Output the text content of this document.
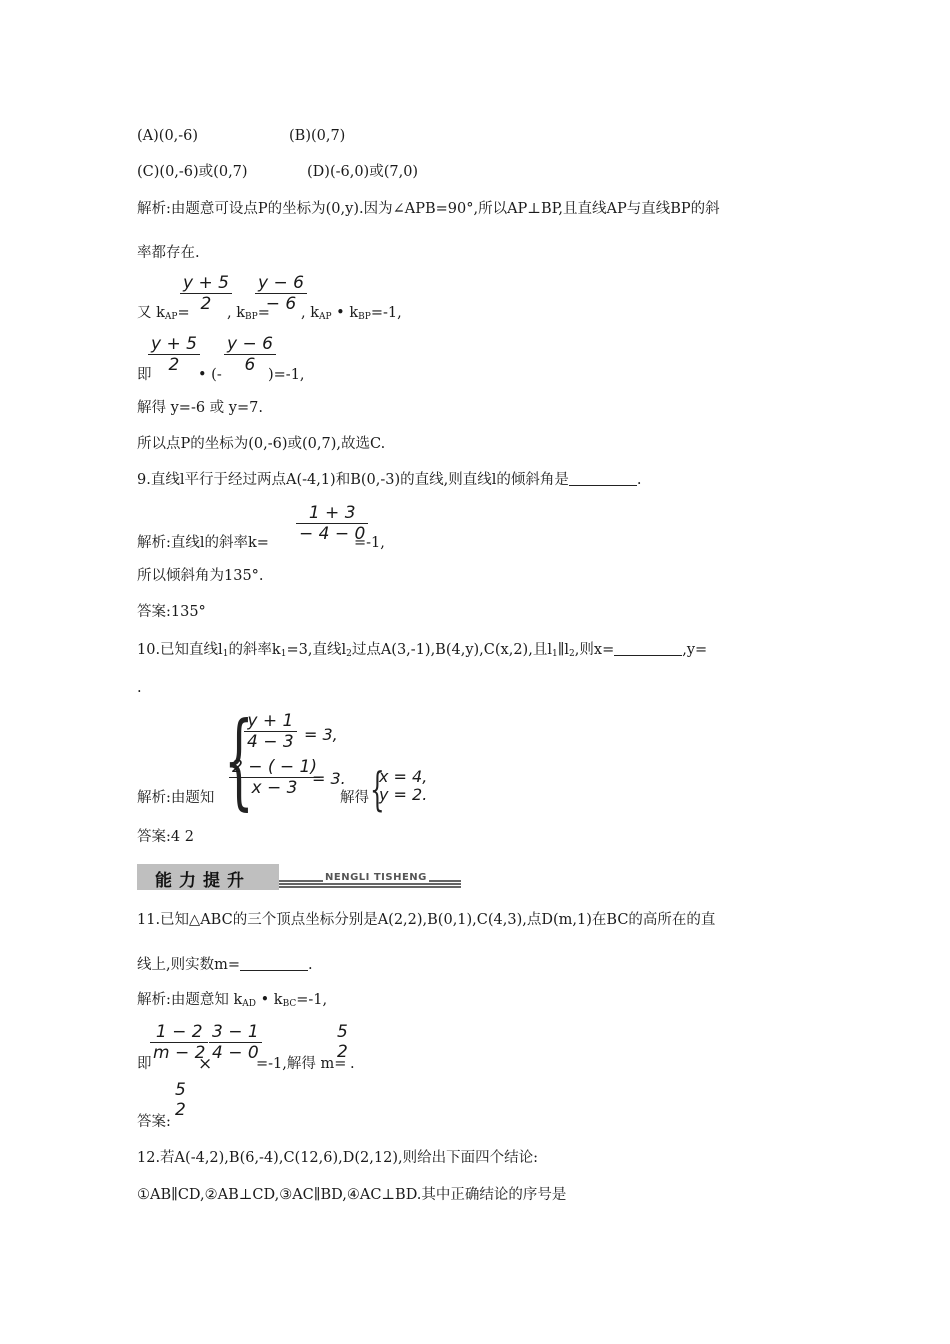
(A)(0,-6)	(B)(0,7)
(C)(0,-6)或(0,7)	(D)(-6,0)或(7,0)
解析:由题意可设点P的坐标为(0,y).因为∠APB=90°,所以AP⊥BP,且直线AP与直线BP的斜
率都存在.
又 $k_{AP}=$
$\frac{y + 5}{2}$
, $k_{BP}=$
$\frac{y - 6}{- 6}$
, $k_{AP}$ • $k_{BP}=-1$,
即
$\frac{y + 5}{2}$
• (- $\frac{y - 6}{6}$
)=-1,
解得 y=-6 或 y=7.
所以点P的坐标为(0,-6)或(0,7),故选C.
9.直线l平行于经过两点A(-4,1)和B(0,-3)的直线,则直线l的倾斜角是	.
解析:直线l的斜率$k= \frac{1 + 3}{- 4 - 0}$
=-1,
所以倾斜角为135°.
答案:135°
10.已知直线$l_1$的斜率$k_1=3$,直线$l_2$过点A(3,-1),B(4,y),C(x,2),且$l_1\parallel l_2$,则x=	,y=
.
解析:由题知 {
$\frac{y + 1}{4 - 3} = 3$,
$\frac{2 - ( - 1)}{x - 3}$
= 3.
解得 {
x = 4,
y = 2.
答案:4 2
能力提升	NENGLI TISHENG
11.已知△ABC的三个顶点坐标分别是A(2,2),B(0,1),C(4,3),点D(m,1)在BC的高所在的直
线上,则实数m=	.
解析:由题意知 $k_{AD}$ • $k_{BC}=-1$,
即
$\frac{1 - 2}{m - 2}$
×
$\frac{3 - 1}{4 - 0}$
=-1,解得 m=
5
2
.
答案:
5
2
12.若A(-4,2),B(6,-4),C(12,6),D(2,12),则给出下面四个结论:
①AB∥CD,②AB⊥CD,③AC∥BD,④AC⊥BD.其中正确结论的序号是
